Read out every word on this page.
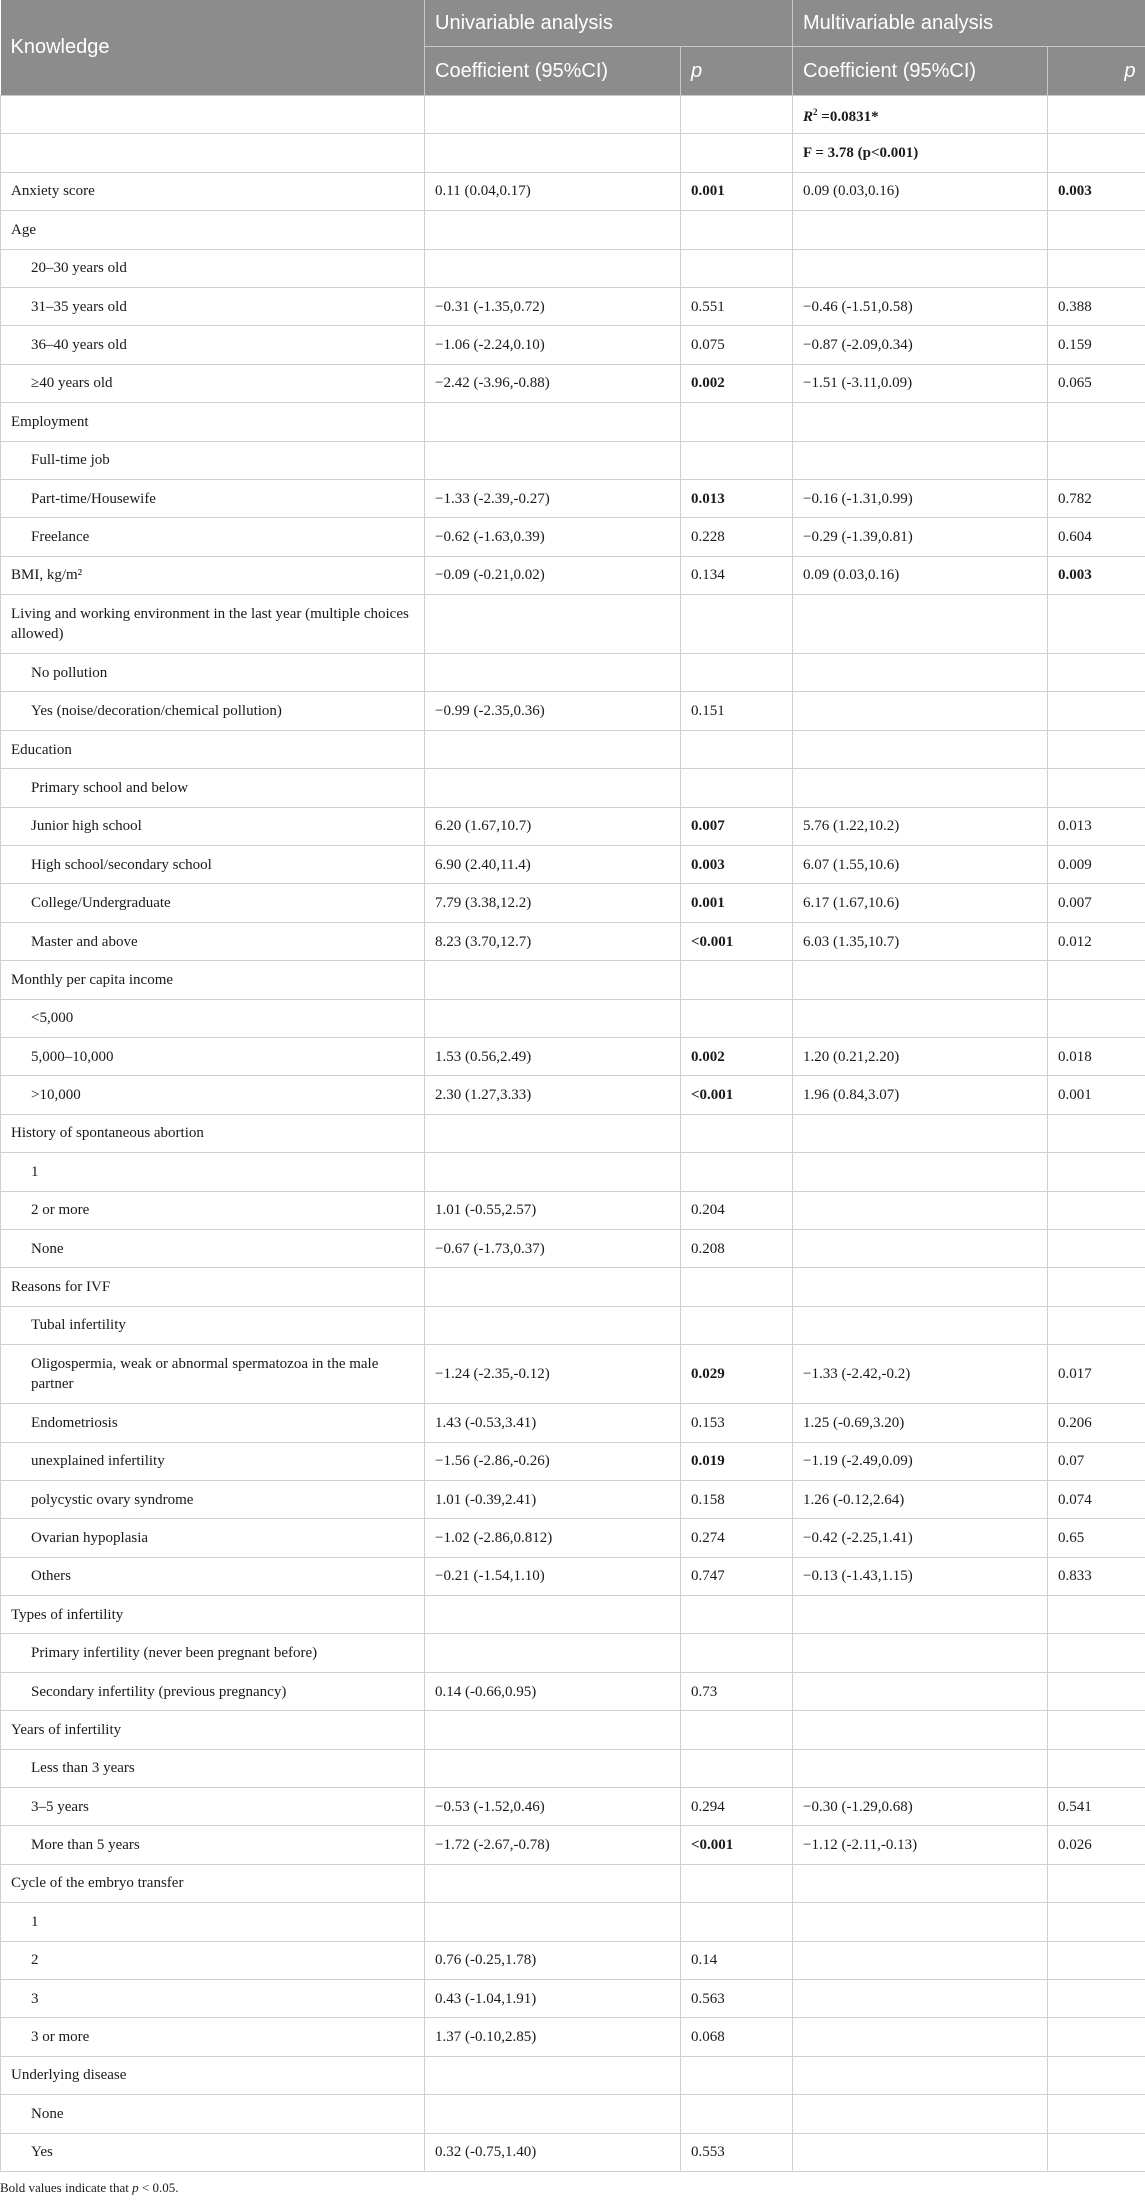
Knowledge	Univariable analysis		Multivariable analysis	
	Coefficient (95%CI)	p	Coefficient (95%CI)	p
			$R^2 =0.0831*$	
			F = 3.78 (p<0.001)	
Anxiety score	0.11 (0.04,0.17)	0.001	0.09 (0.03,0.16)	0.003
Age				
20–30 years old				
31–35 years old	−0.31 (-1.35,0.72)	0.551	−0.46 (-1.51,0.58)	0.388
36–40 years old	−1.06 (-2.24,0.10)	0.075	−0.87 (-2.09,0.34)	0.159
≥40 years old	−2.42 (-3.96,-0.88)	0.002	−1.51 (-3.11,0.09)	0.065
Employment				
Full-time job				
Part-time/Housewife	−1.33 (-2.39,-0.27)	0.013	−0.16 (-1.31,0.99)	0.782
Freelance	−0.62 (-1.63,0.39)	0.228	−0.29 (-1.39,0.81)	0.604
BMI, kg/m²	−0.09 (-0.21,0.02)	0.134	0.09 (0.03,0.16)	0.003
Living and working environment in the last year (multiple choices allowed)				
No pollution				
Yes (noise/decoration/chemical pollution)	−0.99 (-2.35,0.36)	0.151		
Education				
Primary school and below				
Junior high school	6.20 (1.67,10.7)	0.007	5.76 (1.22,10.2)	0.013
High school/secondary school	6.90 (2.40,11.4)	0.003	6.07 (1.55,10.6)	0.009
College/Undergraduate	7.79 (3.38,12.2)	0.001	6.17 (1.67,10.6)	0.007
Master and above	8.23 (3.70,12.7)	<0.001	6.03 (1.35,10.7)	0.012
Monthly per capita income				
<5,000				
5,000–10,000	1.53 (0.56,2.49)	0.002	1.20 (0.21,2.20)	0.018
>10,000	2.30 (1.27,3.33)	<0.001	1.96 (0.84,3.07)	0.001
History of spontaneous abortion				
1				
2 or more	1.01 (-0.55,2.57)	0.204		
None	−0.67 (-1.73,0.37)	0.208		
Reasons for IVF				
Tubal infertility				
Oligospermia, weak or abnormal spermatozoa in the male partner	−1.24 (-2.35,-0.12)	0.029	−1.33 (-2.42,-0.2)	0.017
Endometriosis	1.43 (-0.53,3.41)	0.153	1.25 (-0.69,3.20)	0.206
unexplained infertility	−1.56 (-2.86,-0.26)	0.019	−1.19 (-2.49,0.09)	0.07
polycystic ovary syndrome	1.01 (-0.39,2.41)	0.158	1.26 (-0.12,2.64)	0.074
Ovarian hypoplasia	−1.02 (-2.86,0.812)	0.274	−0.42 (-2.25,1.41)	0.65
Others	−0.21 (-1.54,1.10)	0.747	−0.13 (-1.43,1.15)	0.833
Types of infertility				
Primary infertility (never been pregnant before)				
Secondary infertility (previous pregnancy)	0.14 (-0.66,0.95)	0.73		
Years of infertility				
Less than 3 years				
3–5 years	−0.53 (-1.52,0.46)	0.294	−0.30 (-1.29,0.68)	0.541
More than 5 years	−1.72 (-2.67,-0.78)	<0.001	−1.12 (-2.11,-0.13)	0.026
Cycle of the embryo transfer				
1				
2	0.76 (-0.25,1.78)	0.14		
3	0.43 (-1.04,1.91)	0.563		
3 or more	1.37 (-0.10,2.85)	0.068		
Underlying disease				
None				
Yes	0.32 (-0.75,1.40)	0.553		
Bold values indicate that p < 0.05.
